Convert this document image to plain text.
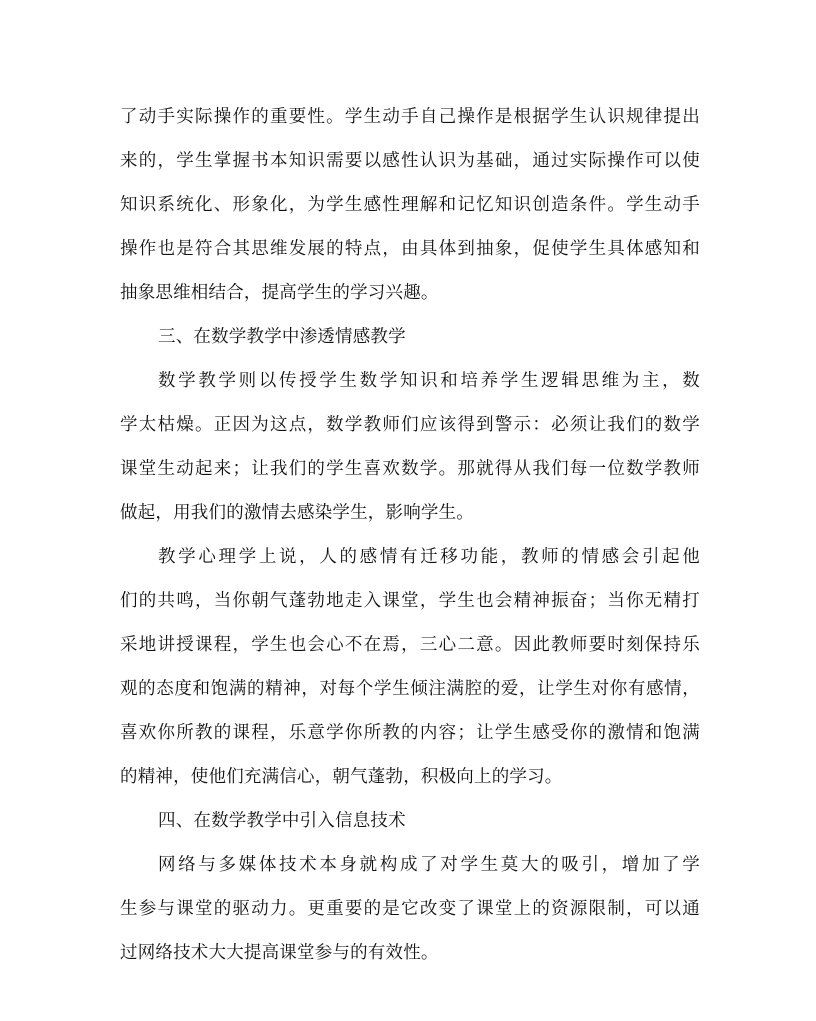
了动手实际操作的重要性。学生动手自己操作是根据学生认识规律提出
来的，学生掌握书本知识需要以感性认识为基础，通过实际操作可以使
知识系统化、形象化，为学生感性理解和记忆知识创造条件。学生动手
操作也是符合其思维发展的特点，由具体到抽象，促使学生具体感知和
抽象思维相结合，提高学生的学习兴趣。
三、在数学教学中渗透情感教学
数学教学则以传授学生数学知识和培养学生逻辑思维为主，数
学太枯燥。正因为这点，数学教师们应该得到警示：必须让我们的数学
课堂生动起来；让我们的学生喜欢数学。那就得从我们每一位数学教师
做起，用我们的激情去感染学生，影响学生。
教学心理学上说，人的感情有迁移功能，教师的情感会引起他
们的共鸣，当你朝气蓬勃地走入课堂，学生也会精神振奋；当你无精打
采地讲授课程，学生也会心不在焉，三心二意。因此教师要时刻保持乐
观的态度和饱满的精神，对每个学生倾注满腔的爱，让学生对你有感情，
喜欢你所教的课程，乐意学你所教的内容；让学生感受你的激情和饱满
的精神，使他们充满信心，朝气蓬勃，积极向上的学习。
四、在数学教学中引入信息技术
网络与多媒体技术本身就构成了对学生莫大的吸引，增加了学
生参与课堂的驱动力。更重要的是它改变了课堂上的资源限制，可以通
过网络技术大大提高课堂参与的有效性。
